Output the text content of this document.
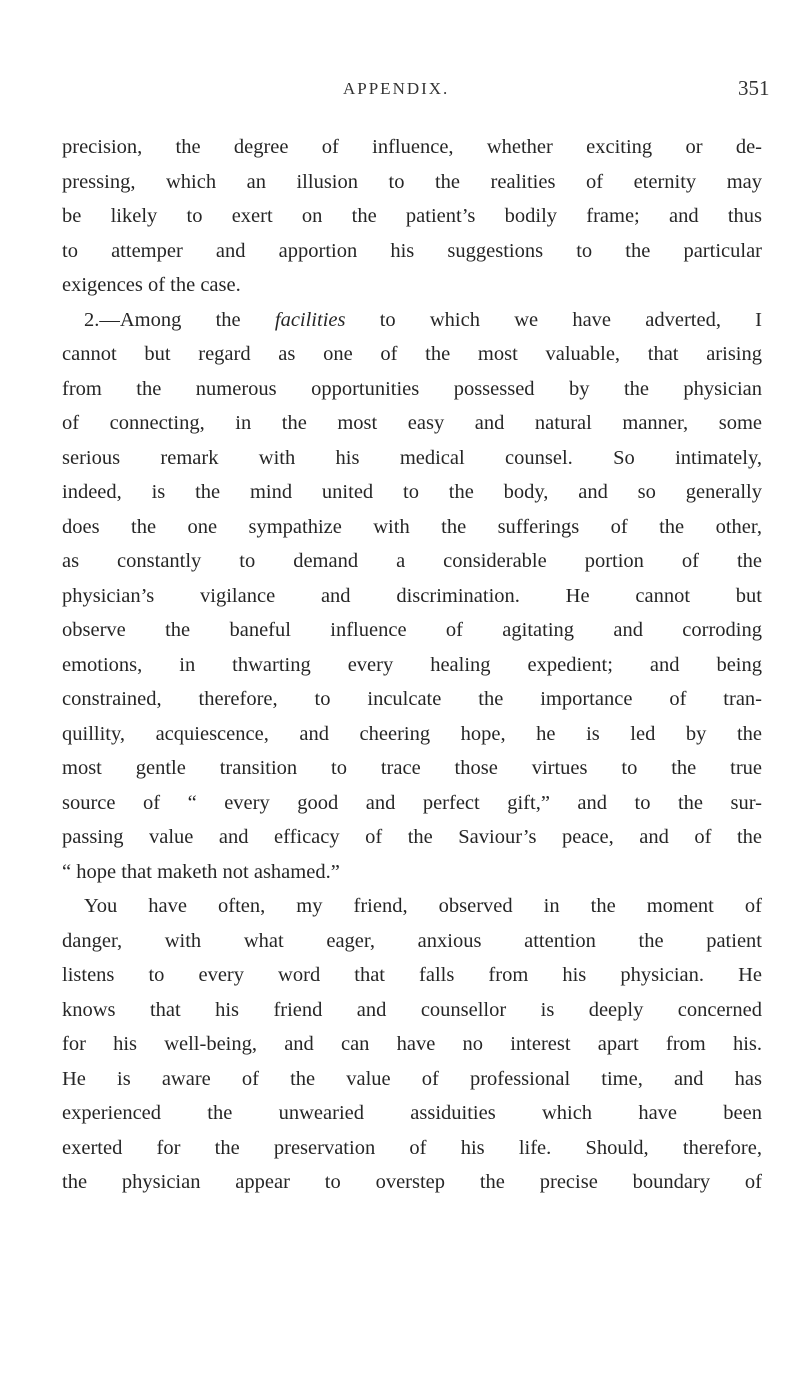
APPENDIX.	351
precision, the degree of influence, whether exciting or de-
pressing, which an illusion to the realities of eternity may
be likely to exert on the patient’s bodily frame; and thus
to attemper and apportion his suggestions to the particular
exigences of the case.
2.—Among the facilities to which we have adverted, I
cannot but regard as one of the most valuable, that arising
from the numerous opportunities possessed by the physician
of connecting, in the most easy and natural manner, some
serious remark with his medical counsel. So intimately,
indeed, is the mind united to the body, and so generally
does the one sympathize with the sufferings of the other,
as constantly to demand a considerable portion of the
physician’s vigilance and discrimination. He cannot but
observe the baneful influence of agitating and corroding
emotions, in thwarting every healing expedient; and being
constrained, therefore, to inculcate the importance of tran-
quillity, acquiescence, and cheering hope, he is led by the
most gentle transition to trace those virtues to the true
source of “ every good and perfect gift,” and to the sur-
passing value and efficacy of the Saviour’s peace, and of the
“ hope that maketh not ashamed.”
You have often, my friend, observed in the moment of
danger, with what eager, anxious attention the patient
listens to every word that falls from his physician. He
knows that his friend and counsellor is deeply concerned
for his well-being, and can have no interest apart from his.
He is aware of the value of professional time, and has
experienced the unwearied assiduities which have been
exerted for the preservation of his life. Should, therefore,
the physician appear to overstep the precise boundary of
